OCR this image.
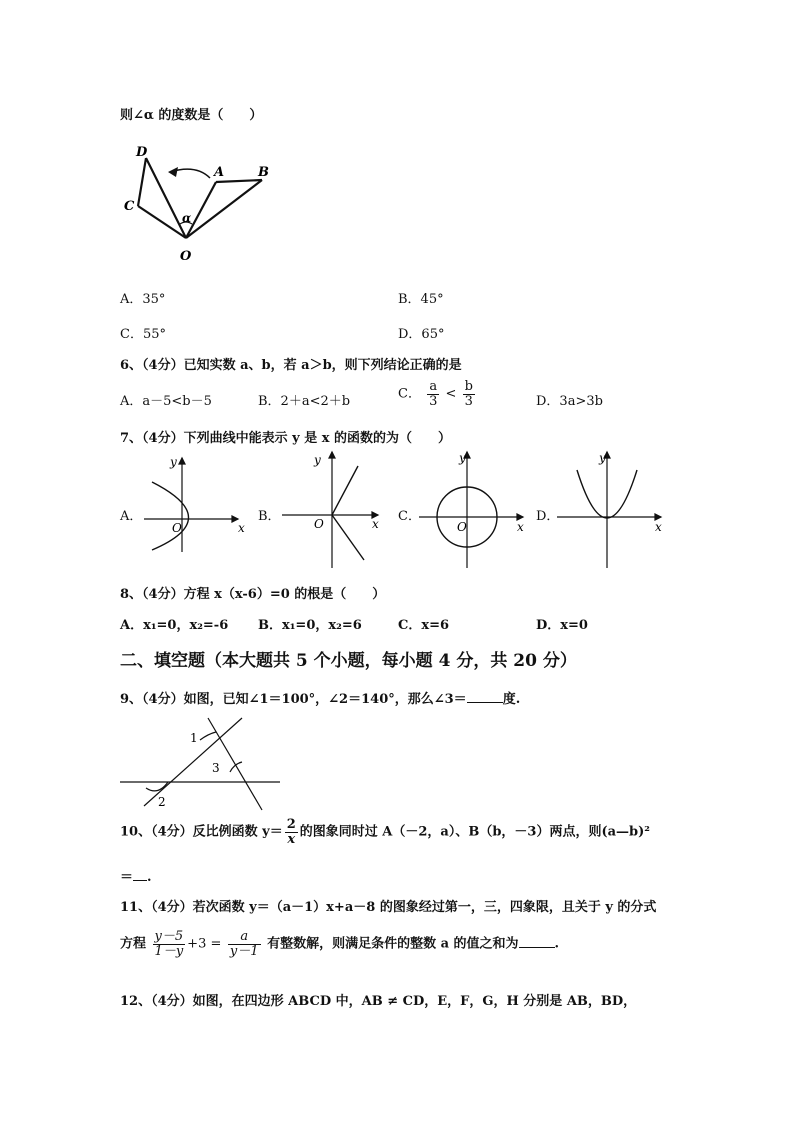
则∠α 的度数是（　　）
D
A	B
C
α
O
A．35°	B．45°
C．55°	D．65°
6、（4分）已知实数 a、b，若 a＞b，则下列结论正确的是
A．a－5<b－5	B．2＋a<2＋b	C． $\frac{a}{3} < \frac{b}{3}$	D．3a>3b
7、（4分）下列曲线中能表示 y 是 x 的函数的为（　　）
A．
x
y
O
B．	x
y
O	C．
x
y
O
D．
x
y
8、（4分）方程 x（x-6）=0 的根是（　　）
A．x₁=0，x₂=-6 B．x₁=0，x₂=6	C．x=6	D．x=0
二、填空题（本大题共 5 个小题，每小题 4 分，共 20 分）
9、（4分）如图，已知∠1＝100°，∠2＝140°，那么∠3＝	度.
1
3
2
10、（4分）反比例函数 $y= \frac{2}{x}$ 的图象同时过 A（－2，a）、B（b，－3）两点，则(a—b)²
＝ .
11、（4分）若次函数 y＝（a－1）x+a－8 的图象经过第一，三，四象限，且关于 y 的分式
方程 $\frac{y-5}{1-y} +3 = \frac{a}{y-1}$ 有整数解，则满足条件的整数 a 的值之和为	.
12、（4分）如图，在四边形 ABCD 中，AB ≠ CD，E，F，G，H 分别是 AB，BD，
